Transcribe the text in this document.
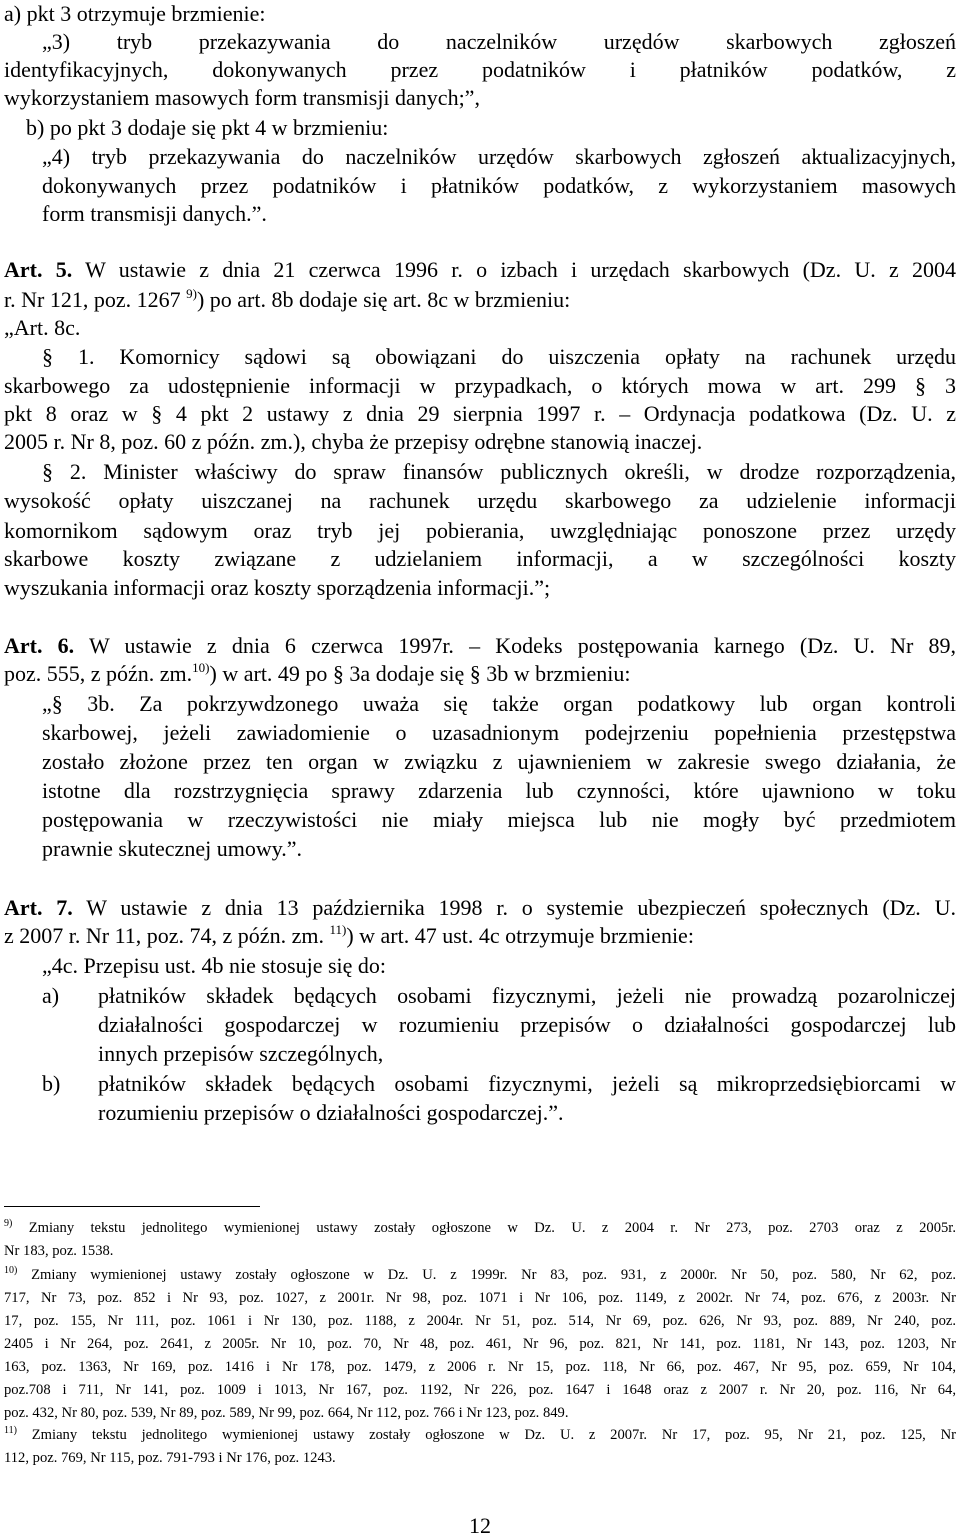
a) pkt 3 otrzymuje brzmienie:
„3) tryb przekazywania do naczelników urzędów skarbowych zgłoszeń
identyfikacyjnych, dokonywanych przez podatników i płatników podatków, z
wykorzystaniem masowych form transmisji danych;”,
b) po pkt 3 dodaje się pkt 4 w brzmieniu:
„4) tryb przekazywania do naczelników urzędów skarbowych zgłoszeń aktualizacyjnych,
dokonywanych przez podatników i płatników podatków, z wykorzystaniem masowych
form transmisji danych.”.
Art. 5. W ustawie z dnia 21 czerwca 1996 r. o izbach i urzędach skarbowych (Dz. U. z 2004
r. Nr 121, poz. 1267 $^{9)}$) po art. 8b dodaje się art. 8c w brzmieniu:
„Art. 8c.
§ 1. Komornicy sądowi są obowiązani do uiszczenia opłaty na rachunek urzędu
skarbowego za udostępnienie informacji w przypadkach, o których mowa w art. 299 § 3
pkt 8 oraz w § 4 pkt 2 ustawy z dnia 29 sierpnia 1997 r. – Ordynacja podatkowa (Dz. U. z
2005 r. Nr 8, poz. 60 z późn. zm.), chyba że przepisy odrębne stanowią inaczej.
§ 2. Minister właściwy do spraw finansów publicznych określi, w drodze rozporządzenia,
wysokość opłaty uiszczanej na rachunek urzędu skarbowego za udzielenie informacji
komornikom sądowym oraz tryb jej pobierania, uwzględniając ponoszone przez urzędy
skarbowe koszty związane z udzielaniem informacji, a w szczególności koszty
wyszukania informacji oraz koszty sporządzenia informacji.”;
Art. 6. W ustawie z dnia 6 czerwca 1997r. – Kodeks postępowania karnego (Dz. U. Nr 89,
poz. 555, z późn. zm.$^{10)}$) w art. 49 po § 3a dodaje się § 3b w brzmieniu:
„§ 3b. Za pokrzywdzonego uważa się także organ podatkowy lub organ kontroli
skarbowej, jeżeli zawiadomienie o uzasadnionym podejrzeniu popełnienia przestępstwa
zostało złożone przez ten organ w związku z ujawnieniem w zakresie swego działania, że
istotne dla rozstrzygnięcia sprawy zdarzenia lub czynności, które ujawniono w toku
postępowania w rzeczywistości nie miały miejsca lub nie mogły być przedmiotem
prawnie skutecznej umowy.”.
Art. 7. W ustawie z dnia 13 października 1998 r. o systemie ubezpieczeń społecznych (Dz. U.
z 2007 r. Nr 11, poz. 74, z późn. zm. $^{11)}$) w art. 47 ust. 4c otrzymuje brzmienie:
„4c. Przepisu ust. 4b nie stosuje się do:
a)	płatników składek będących osobami fizycznymi, jeżeli nie prowadzą pozarolniczej
działalności gospodarczej w rozumieniu przepisów o działalności gospodarczej lub
innych przepisów szczególnych,
b)	płatników składek będących osobami fizycznymi, jeżeli są mikroprzedsiębiorcami w
rozumieniu przepisów o działalności gospodarczej.”.
$^{9)}$ Zmiany tekstu jednolitego wymienionej ustawy zostały ogłoszone w Dz. U. z 2004 r. Nr 273, poz. 2703 oraz z 2005r.
Nr 183, poz. 1538.
$^{10)}$ Zmiany wymienionej ustawy zostały ogłoszone w Dz. U. z 1999r. Nr 83, poz. 931, z 2000r. Nr 50, poz. 580, Nr 62, poz.
717, Nr 73, poz. 852 i Nr 93, poz. 1027, z 2001r. Nr 98, poz. 1071 i Nr 106, poz. 1149, z 2002r. Nr 74, poz. 676, z 2003r. Nr
17, poz. 155, Nr 111, poz. 1061 i Nr 130, poz. 1188, z 2004r. Nr 51, poz. 514, Nr 69, poz. 626, Nr 93, poz. 889, Nr 240, poz.
2405 i Nr 264, poz. 2641, z 2005r. Nr 10, poz. 70, Nr 48, poz. 461, Nr 96, poz. 821, Nr 141, poz. 1181, Nr 143, poz. 1203, Nr
163, poz. 1363, Nr 169, poz. 1416 i Nr 178, poz. 1479, z 2006 r. Nr 15, poz. 118, Nr 66, poz. 467, Nr 95, poz. 659, Nr 104,
poz.708 i 711, Nr 141, poz. 1009 i 1013, Nr 167, poz. 1192, Nr 226, poz. 1647 i 1648 oraz z 2007 r. Nr 20, poz. 116, Nr 64,
poz. 432, Nr 80, poz. 539, Nr 89, poz. 589, Nr 99, poz. 664, Nr 112, poz. 766 i Nr 123, poz. 849.
$^{11)}$ Zmiany tekstu jednolitego wymienionej ustawy zostały ogłoszone w Dz. U. z 2007r. Nr 17, poz. 95, Nr 21, poz. 125, Nr
112, poz. 769, Nr 115, poz. 791-793 i Nr 176, poz. 1243.
12
